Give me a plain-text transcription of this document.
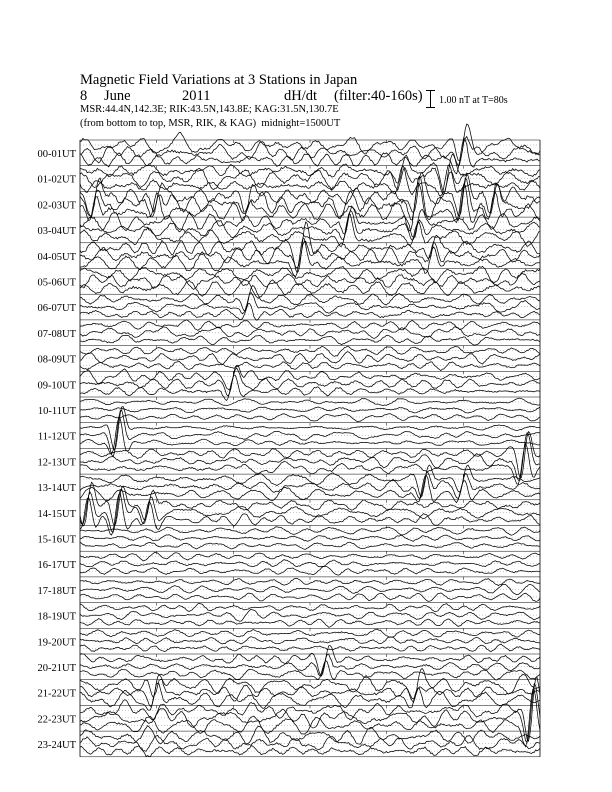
Magnetic Field Variations at 3 Stations in Japan
8 June	2011	dH/dt (filter:40-160s)
MSR:44.4N,142.3E; RIK:43.5N,143.8E; KAG:31.5N,130.7E
(from bottom to top, MSR, RIK, & KAG) midnight=1500UT
1.00 nT at T=80s
00-01UT
01-02UT
02-03UT
03-04UT
04-05UT
05-06UT
06-07UT
07-08UT
08-09UT
09-10UT
10-11UT
11-12UT
12-13UT
13-14UT
14-15UT
15-16UT
16-17UT
17-18UT
18-19UT
19-20UT
20-21UT
21-22UT
22-23UT
23-24UT
